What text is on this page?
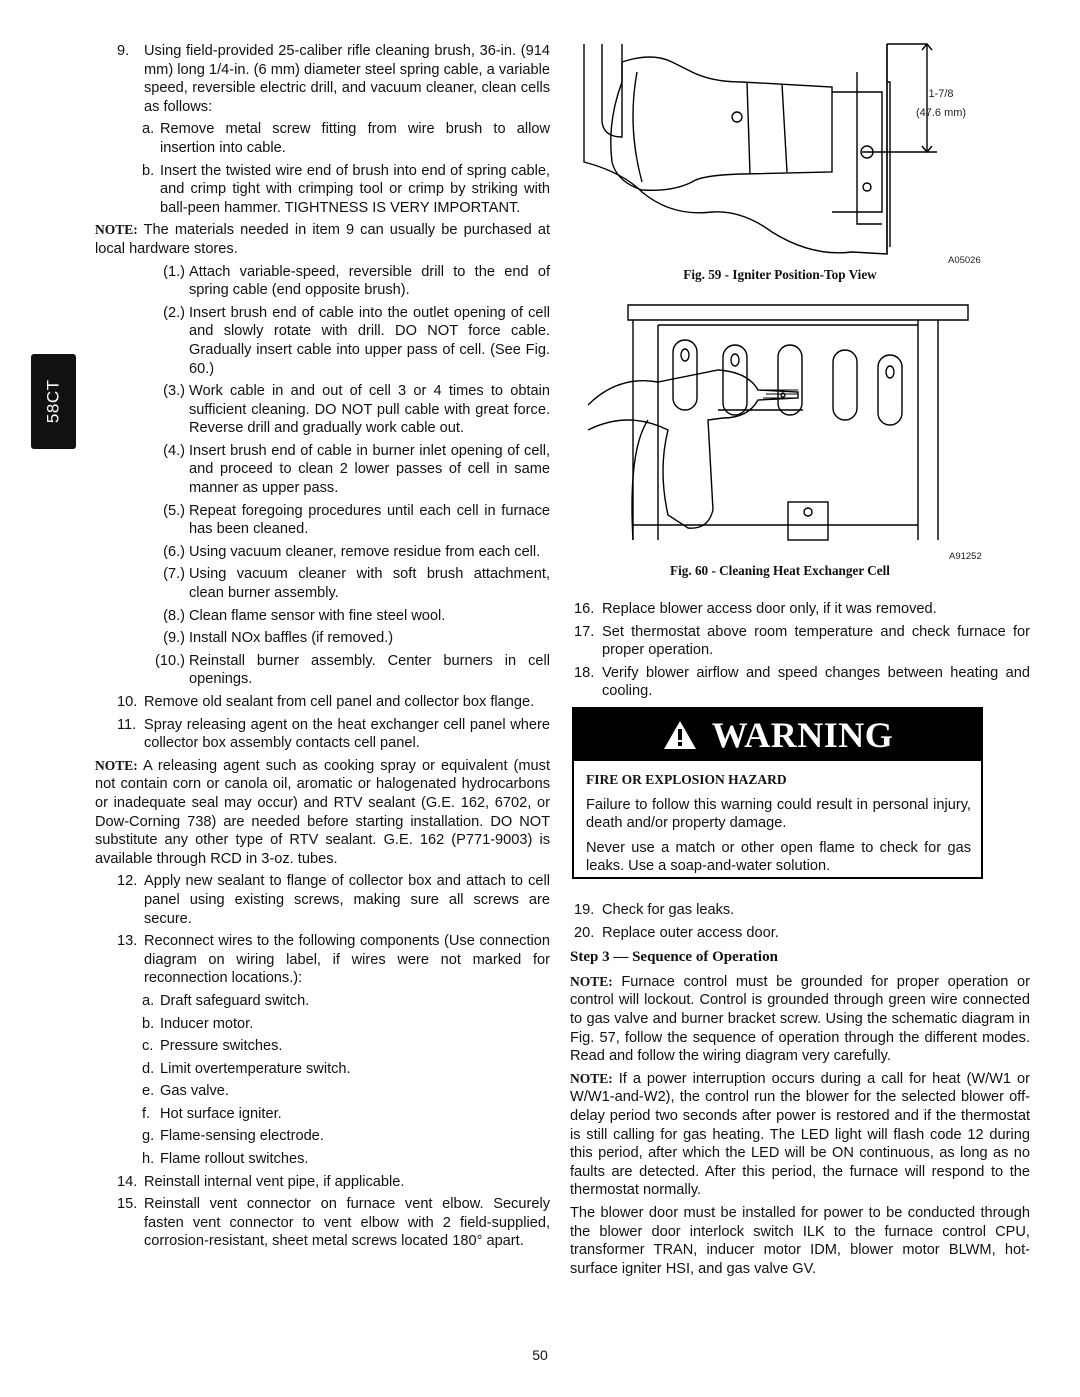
58CT
9.	Using field-provided 25-caliber rifle cleaning brush, 36-in. (914 mm) long 1/4-in. (6 mm) diameter steel spring cable, a variable speed, reversible electric drill, and vacuum cleaner, clean cells as follows:
a. Remove metal screw fitting from wire brush to allow insertion into cable.
b. Insert the twisted wire end of brush into end of spring cable, and crimp tight with crimping tool or crimp by striking with ball-peen hammer. TIGHTNESS IS VERY IMPORTANT.

NOTE: The materials needed in item 9 can usually be purchased at local hardware stores.

(1.) Attach variable-speed, reversible drill to the end of spring cable (end opposite brush).
(2.) Insert brush end of cable into the outlet opening of cell and slowly rotate with drill. DO NOT force cable. Gradually insert cable into upper pass of cell. (See Fig. 60.)
(3.) Work cable in and out of cell 3 or 4 times to obtain sufficient cleaning. DO NOT pull cable with great force. Reverse drill and gradually work cable out.
(4.) Insert brush end of cable in burner inlet opening of cell, and proceed to clean 2 lower passes of cell in same manner as upper pass.
(5.) Repeat foregoing procedures until each cell in furnace has been cleaned.
(6.) Using vacuum cleaner, remove residue from each cell.
(7.) Using vacuum cleaner with soft brush attachment, clean burner assembly.
(8.) Clean flame sensor with fine steel wool.
(9.) Install NOx baffles (if removed.)
(10.) Reinstall burner assembly. Center burners in cell openings.
10. Remove old sealant from cell panel and collector box flange.
11. Spray releasing agent on the heat exchanger cell panel where collector box assembly contacts cell panel.

NOTE: A releasing agent such as cooking spray or equivalent (must not contain corn or canola oil, aromatic or halogenated hydrocarbons or inadequate seal may occur) and RTV sealant (G.E. 162, 6702, or Dow-Corning 738) are needed before starting installation. DO NOT substitute any other type of RTV sealant. G.E. 162 (P771-9003) is available through RCD in 3-oz. tubes.

12. Apply new sealant to flange of collector box and attach to cell panel using existing screws, making sure all screws are secure.
13. Reconnect wires to the following components (Use connection diagram on wiring label, if wires were not marked for reconnection locations.):
a. Draft safeguard switch.
b. Inducer motor.
c. Pressure switches.
d. Limit overtemperature switch.
e. Gas valve.
f. Hot surface igniter.
g. Flame-sensing electrode.
h. Flame rollout switches.
14. Reinstall internal vent pipe, if applicable.
15. Reinstall vent connector on furnace vent elbow. Securely fasten vent connector to vent elbow with 2 field-supplied, corrosion-resistant, sheet metal screws located 180° apart.
1-7/8
(47.6 mm)
A05026
Fig. 59 - Igniter Position-Top View
A91252
Fig. 60 - Cleaning Heat Exchanger Cell
16. Replace blower access door only, if it was removed.
17. Set thermostat above room temperature and check furnace for proper operation.
18. Verify blower airflow and speed changes between heating and cooling.
WARNING
FIRE OR EXPLOSION HAZARD

Failure to follow this warning could result in personal injury, death and/or property damage.

Never use a match or other open flame to check for gas leaks. Use a soap-and-water solution.

19. Check for gas leaks.
20. Replace outer access door.
Step 3 — Sequence of Operation

NOTE: Furnace control must be grounded for proper operation or control will lockout. Control is grounded through green wire connected to gas valve and burner bracket screw. Using the schematic diagram in Fig. 57, follow the sequence of operation through the different modes. Read and follow the wiring diagram very carefully.

NOTE: If a power interruption occurs during a call for heat (W/W1 or W/W1-and-W2), the control run the blower for the selected blower off-delay period two seconds after power is restored and if the thermostat is still calling for gas heating. The LED light will flash code 12 during this period, after which the LED will be ON continuous, as long as no faults are detected. After this period, the furnace will respond to the thermostat normally.

The blower door must be installed for power to be conducted through the blower door interlock switch ILK to the furnace control CPU, transformer TRAN, inducer motor IDM, blower motor BLWM, hot-surface igniter HSI, and gas valve GV.

50
